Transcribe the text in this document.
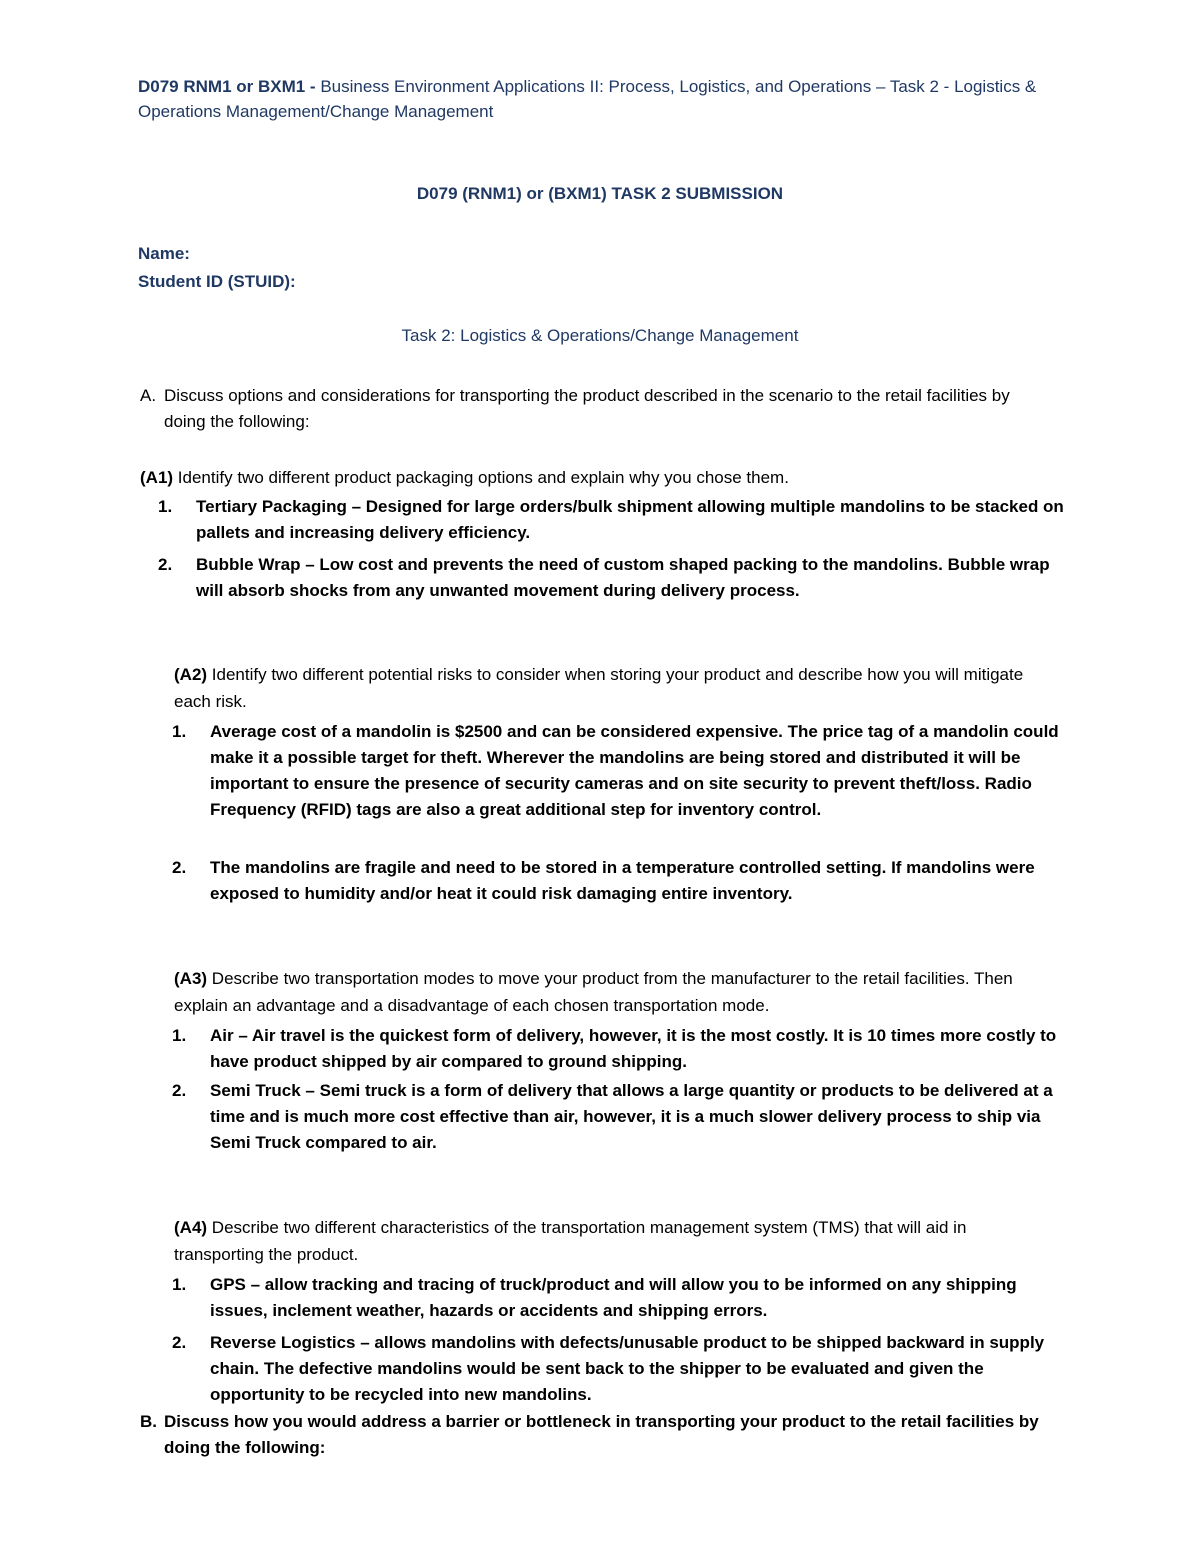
D079 RNM1 or BXM1 - Business Environment Applications II: Process, Logistics, and Operations – Task 2 - Logistics & Operations Management/Change Management
D079 (RNM1) or (BXM1) TASK 2 SUBMISSION
Name:
Student ID (STUID):
Task 2: Logistics & Operations/Change Management
A. Discuss options and considerations for transporting the product described in the scenario to the retail facilities by doing the following:
(A1) Identify two different product packaging options and explain why you chose them.
1. Tertiary Packaging – Designed for large orders/bulk shipment allowing multiple mandolins to be stacked on pallets and increasing delivery efficiency.
2. Bubble Wrap – Low cost and prevents the need of custom shaped packing to the mandolins. Bubble wrap will absorb shocks from any unwanted movement during delivery process.
(A2) Identify two different potential risks to consider when storing your product and describe how you will mitigate each risk.
1. Average cost of a mandolin is $2500 and can be considered expensive. The price tag of a mandolin could make it a possible target for theft. Wherever the mandolins are being stored and distributed it will be important to ensure the presence of security cameras and on site security to prevent theft/loss. Radio Frequency (RFID) tags are also a great additional step for inventory control.
2. The mandolins are fragile and need to be stored in a temperature controlled setting. If mandolins were exposed to humidity and/or heat it could risk damaging entire inventory.
(A3) Describe two transportation modes to move your product from the manufacturer to the retail facilities. Then explain an advantage and a disadvantage of each chosen transportation mode.
1. Air – Air travel is the quickest form of delivery, however, it is the most costly. It is 10 times more costly to have product shipped by air compared to ground shipping.
2. Semi Truck – Semi truck is a form of delivery that allows a large quantity or products to be delivered at a time and is much more cost effective than air, however, it is a much slower delivery process to ship via Semi Truck compared to air.
(A4) Describe two different characteristics of the transportation management system (TMS) that will aid in transporting the product.
1. GPS – allow tracking and tracing of truck/product and will allow you to be informed on any shipping issues, inclement weather, hazards or accidents and shipping errors.
2. Reverse Logistics – allows mandolins with defects/unusable product to be shipped backward in supply chain. The defective mandolins would be sent back to the shipper to be evaluated and given the opportunity to be recycled into new mandolins.
B. Discuss how you would address a barrier or bottleneck in transporting your product to the retail facilities by doing the following:
